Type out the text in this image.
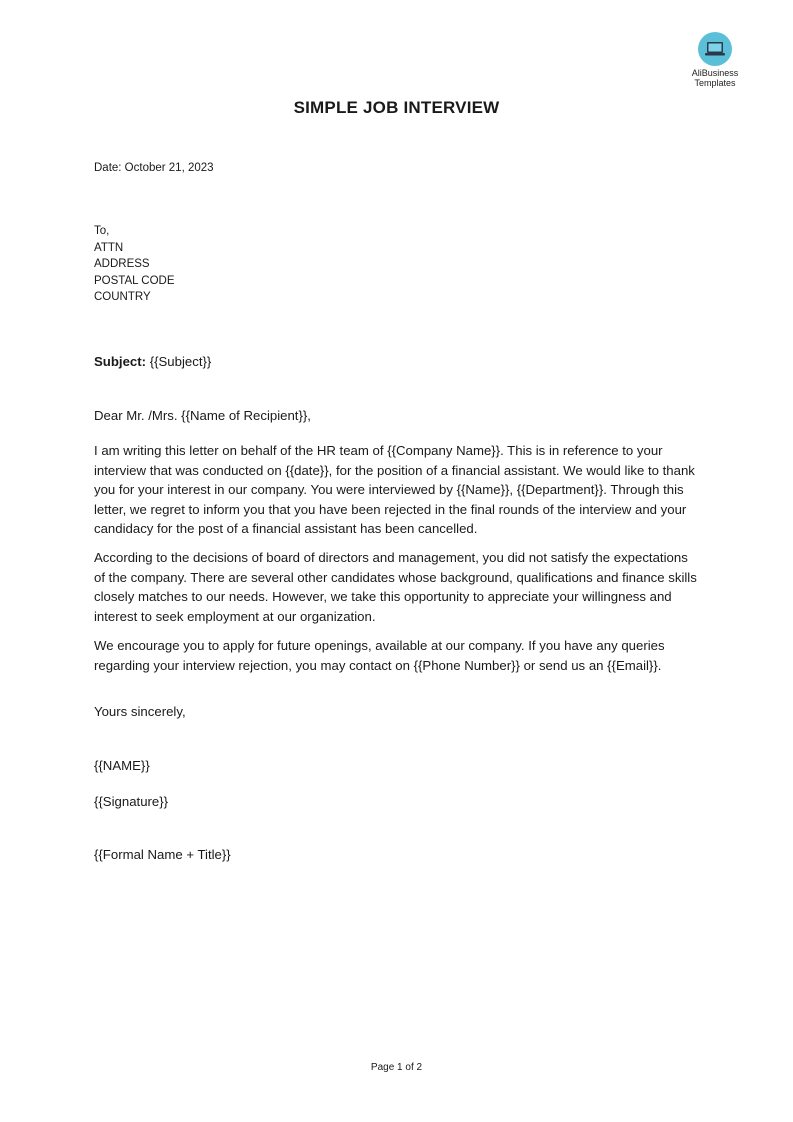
AliBusiness
Templates
SIMPLE JOB INTERVIEW
Date: October 21, 2023
To,
ATTN
ADDRESS
POSTAL CODE
COUNTRY
Subject: {{Subject}}
Dear Mr. /Mrs. {{Name of Recipient}},

I am writing this letter on behalf of the HR team of {{Company Name}}. This is in reference to your interview that was conducted on {{date}}, for the position of a financial assistant. We would like to thank you for your interest in our company. You were interviewed by {{Name}}, {{Department}}. Through this letter, we regret to inform you that you have been rejected in the final rounds of the interview and your candidacy for the post of a financial assistant has been cancelled.

According to the decisions of board of directors and management, you did not satisfy the expectations of the company. There are several other candidates whose background, qualifications and finance skills closely matches to our needs. However, we take this opportunity to appreciate your willingness and interest to seek employment at our organization.

We encourage you to apply for future openings, available at our company. If you have any queries regarding your interview rejection, you may contact on {{Phone Number}} or send us an {{Email}}.

Yours sincerely,
{{NAME}}
{{Signature}}
{{Formal Name + Title}}
Page 1 of 2
